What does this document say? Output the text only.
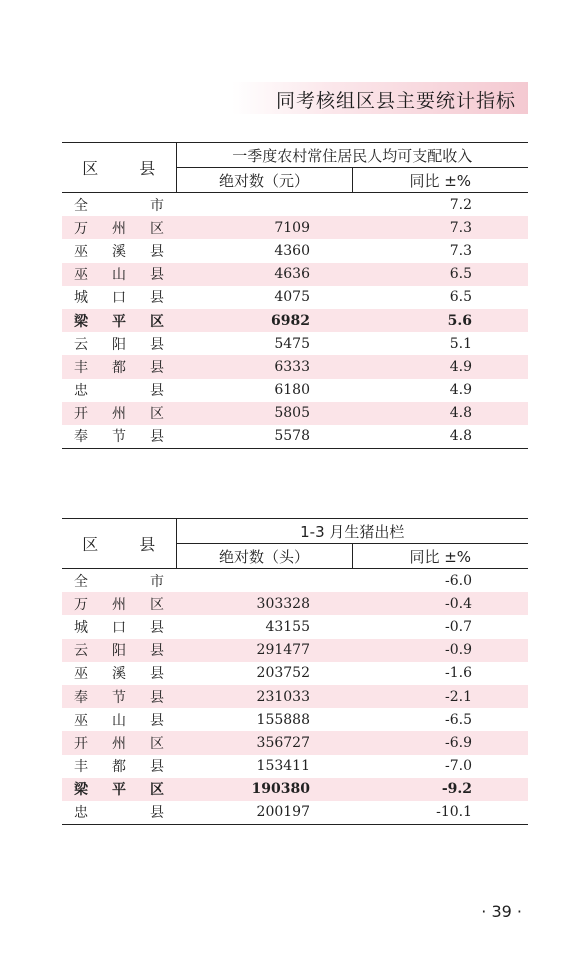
同考核组区县主要统计指标
区 县	一季度农村常住居民人均可支配收入	
	绝对数（元）	同比 ±%

全 市		7.2

万 州 区	7109	7.3

巫 溪 县	4360	7.3

巫 山 县	4636	6.5

城 口 县	4075	6.5

梁 平 区	6982	5.6

云 阳 县	5475	5.1

丰 都 县	6333	4.9

忠 县	6180	4.9

开 州 区	5805	4.8

奉 节 县	5578	4.8
区 县	1-3 月生猪出栏	
	绝对数（头）	同比 ±%

全 市		-6.0

万 州 区	303328	-0.4

城 口 县	43155	-0.7

云 阳 县	291477	-0.9

巫 溪 县	203752	-1.6

奉 节 县	231033	-2.1

巫 山 县	155888	-6.5

开 州 区	356727	-6.9

丰 都 县	153411	-7.0

梁 平 区	190380	-9.2

忠 县	200197	-10.1
· 39 ·
